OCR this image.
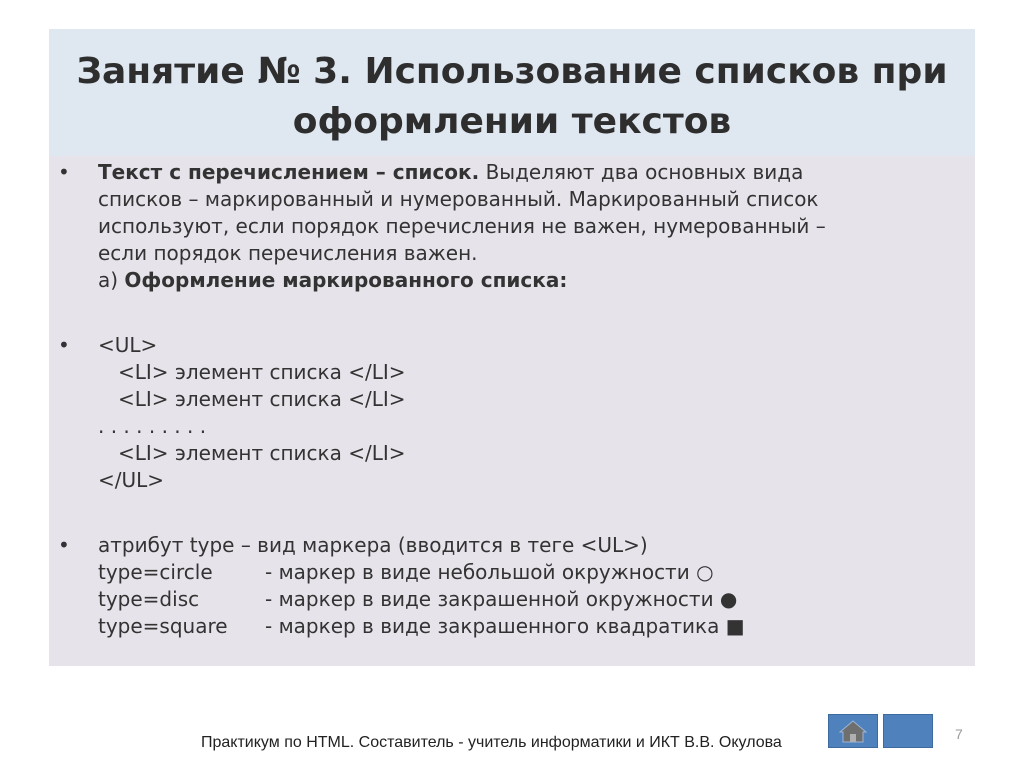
Занятие № 3. Использование списков при
оформлении текстов
• Текст с перечислением – список. Выделяют два основных вида
списков – маркированный и нумерованный. Маркированный список
используют, если порядок перечисления не важен, нумерованный –
если порядок перечисления важен.
а) Оформление маркированного списка:
• <UL>
<LI> элемент списка </LI>
<LI> элемент списка </LI>
. . . . . . . . .
<LI> элемент списка </LI>
</UL>
• атрибут type – вид маркера (вводится в теге <UL>)
type=circle	- маркер в виде небольшой окружности ○
type=disc	- маркер в виде закрашенной окружности ●
type=square - маркер в виде закрашенного квадратика ■
Практикум по HTML. Составитель - учитель информатики и ИКТ В.В. Окулова	7
